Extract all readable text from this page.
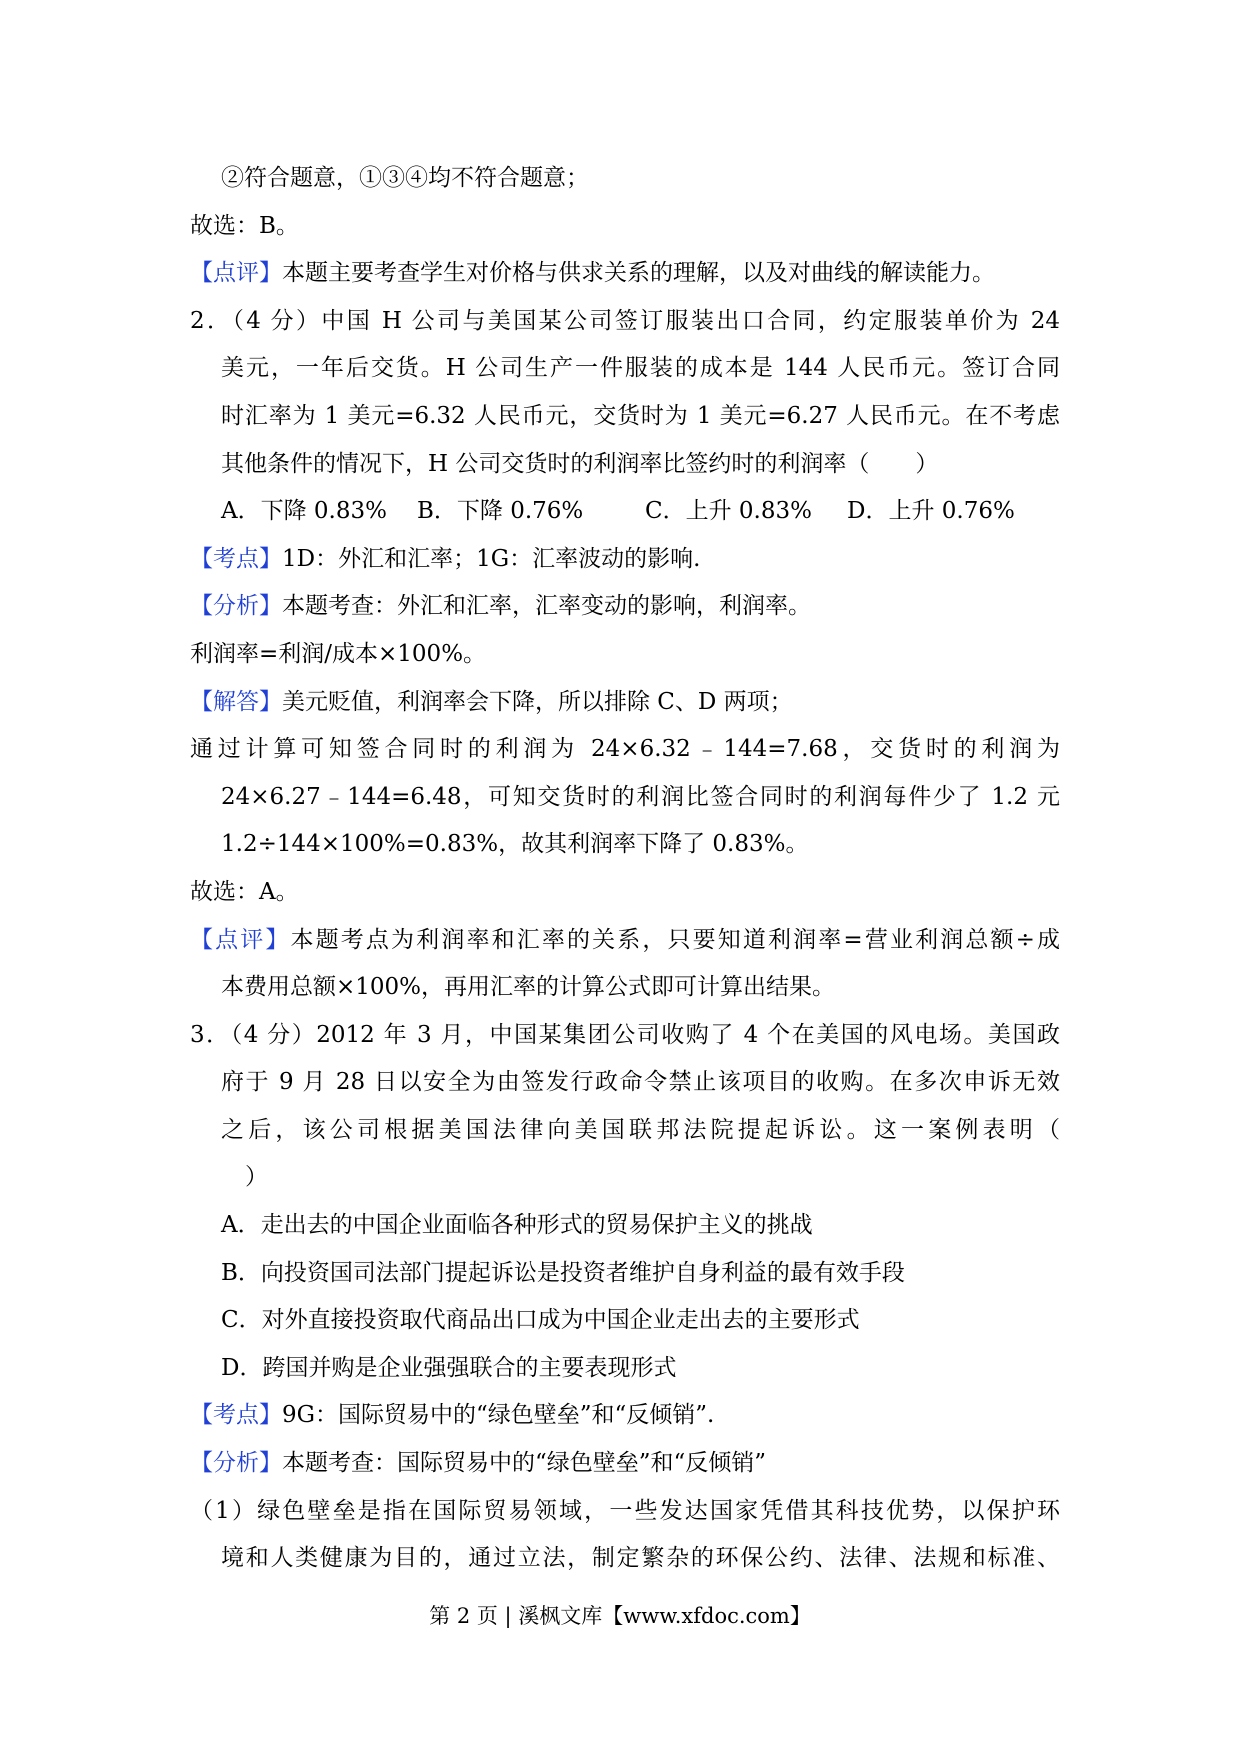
②符合题意，①③④均不符合题意；

故选：B。

【点评】本题主要考查学生对价格与供求关系的理解，以及对曲线的解读能力。

2．（4 分）中国 H 公司与美国某公司签订服装出口合同，约定服装单价为 24

美元，一年后交货。H 公司生产一件服装的成本是 144 人民币元。签订合同

时汇率为 1 美元=6.32 人民币元，交货时为 1 美元=6.27 人民币元。在不考虑

其他条件的情况下，H 公司交货时的利润率比签约时的利润率（　　）

A．下降 0.83%	B．下降 0.76%	C．上升 0.83%	D．上升 0.76%

【考点】1D：外汇和汇率；1G：汇率波动的影响.

【分析】本题考查：外汇和汇率，汇率变动的影响，利润率。

利润率=利润/成本×100%。

【解答】美元贬值，利润率会下降，所以排除 C、D 两项；

通过计算可知签合同时的利润为 24×6.32﹣144=7.68，交货时的利润为

24×6.27﹣144=6.48，可知交货时的利润比签合同时的利润每件少了 1.2 元

1.2÷144×100%=0.83%，故其利润率下降了 0.83%。

故选：A。

【点评】本题考点为利润率和汇率的关系，只要知道利润率=营业利润总额÷成

本费用总额×100%，再用汇率的计算公式即可计算出结果。

3．（4 分）2012 年 3 月，中国某集团公司收购了 4 个在美国的风电场。美国政

府于 9 月 28 日以安全为由签发行政命令禁止该项目的收购。在多次申诉无效

之后，该公司根据美国法律向美国联邦法院提起诉讼。这一案例表明（

）

A．走出去的中国企业面临各种形式的贸易保护主义的挑战

B．向投资国司法部门提起诉讼是投资者维护自身利益的最有效手段

C．对外直接投资取代商品出口成为中国企业走出去的主要形式

D．跨国并购是企业强强联合的主要表现形式

【考点】9G：国际贸易中的“绿色壁垒”和“反倾销”.

【分析】本题考查：国际贸易中的“绿色壁垒”和“反倾销”

（1）绿色壁垒是指在国际贸易领域，一些发达国家凭借其科技优势，以保护环

境和人类健康为目的，通过立法，制定繁杂的环保公约、法律、法规和标准、

第 2 页 | 溪枫文库【www.xfdoc.com】
